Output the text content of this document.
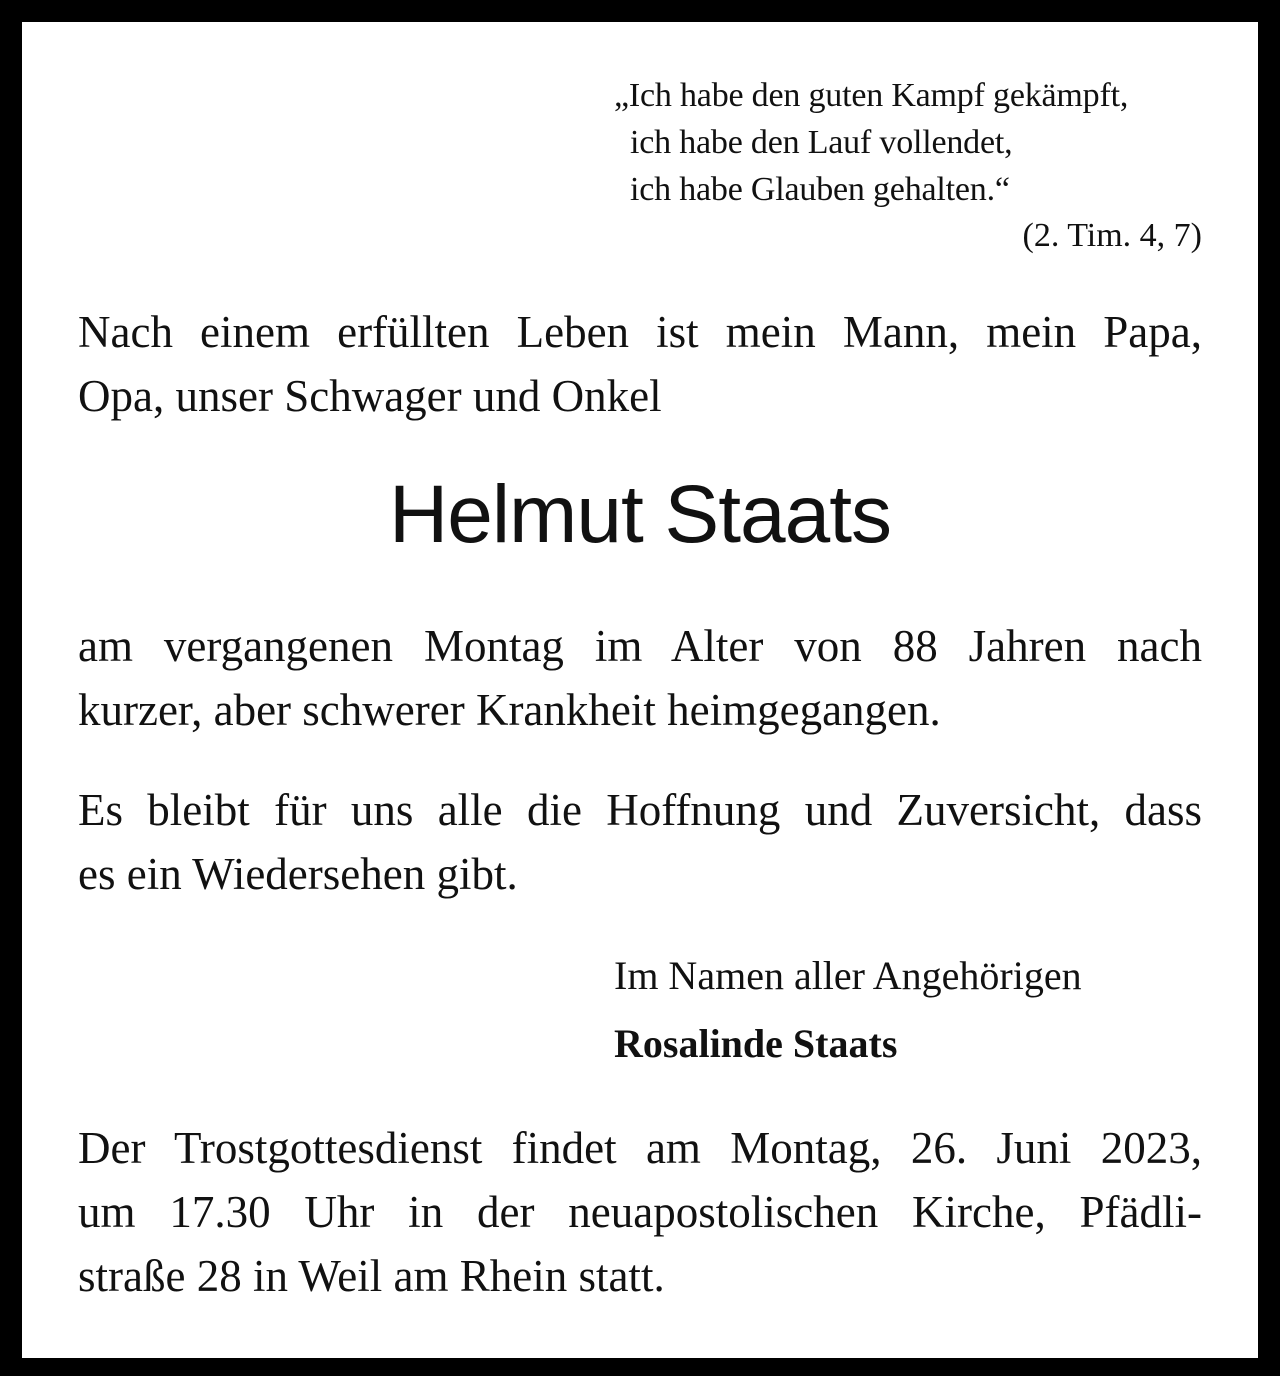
„Ich habe den guten Kampf gekämpft,
ich habe den Lauf vollendet,
ich habe Glauben gehalten.“
(2. Tim. 4, 7)
Nach einem erfüllten Leben ist mein Mann, mein Papa,
Opa, unser Schwager und Onkel
Helmut Staats
am vergangenen Montag im Alter von 88 Jahren nach
kurzer, aber schwerer Krankheit heimgegangen.
Es bleibt für uns alle die Hoffnung und Zuversicht, dass
es ein Wiedersehen gibt.
Im Namen aller Angehörigen
Rosalinde Staats
Der Trostgottesdienst findet am Montag, 26. Juni 2023,
um 17.30 Uhr in der neuapostolischen Kirche, Pfädli-
straße 28 in Weil am Rhein statt.
